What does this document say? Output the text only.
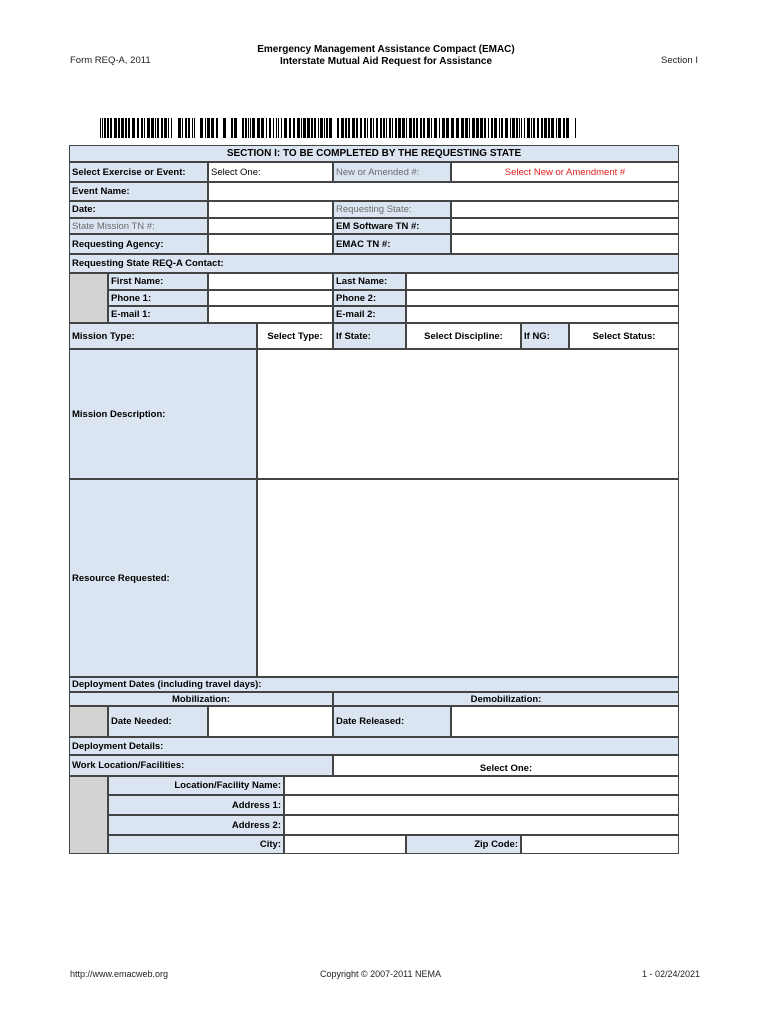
Form REQ-A, 2011
Emergency Management Assistance Compact (EMAC)
Interstate Mutual Aid Request for Assistance	Section I
SECTION I: TO BE COMPLETED BY THE REQUESTING STATE
Select Exercise or Event:	Select One:	New or Amended #:	Select New or Amendment #
Event Name:
Date:	Requesting State:
State Mission TN #:	EM Software TN #:
Requesting Agency:	EMAC TN #:
Requesting State REQ-A Contact:
First Name:	Last Name:
Phone 1:	Phone 2:
E-mail 1:	E-mail 2:
Mission Type:	Select Type:	If State:	Select Discipline:	If NG:	Select Status:
Mission Description:
Resource Requested:
Deployment Dates (including travel days):
Mobilization:	Demobilization:
Date Needed:	Date Released:
Deployment Details:
Work Location/Facilities:	Select One:
Location/Facility Name:
Address 1:
Address 2:
City:	Zip Code:
http://www.emacweb.org	Copyright © 2007-2011 NEMA	1 - 02/24/2021
